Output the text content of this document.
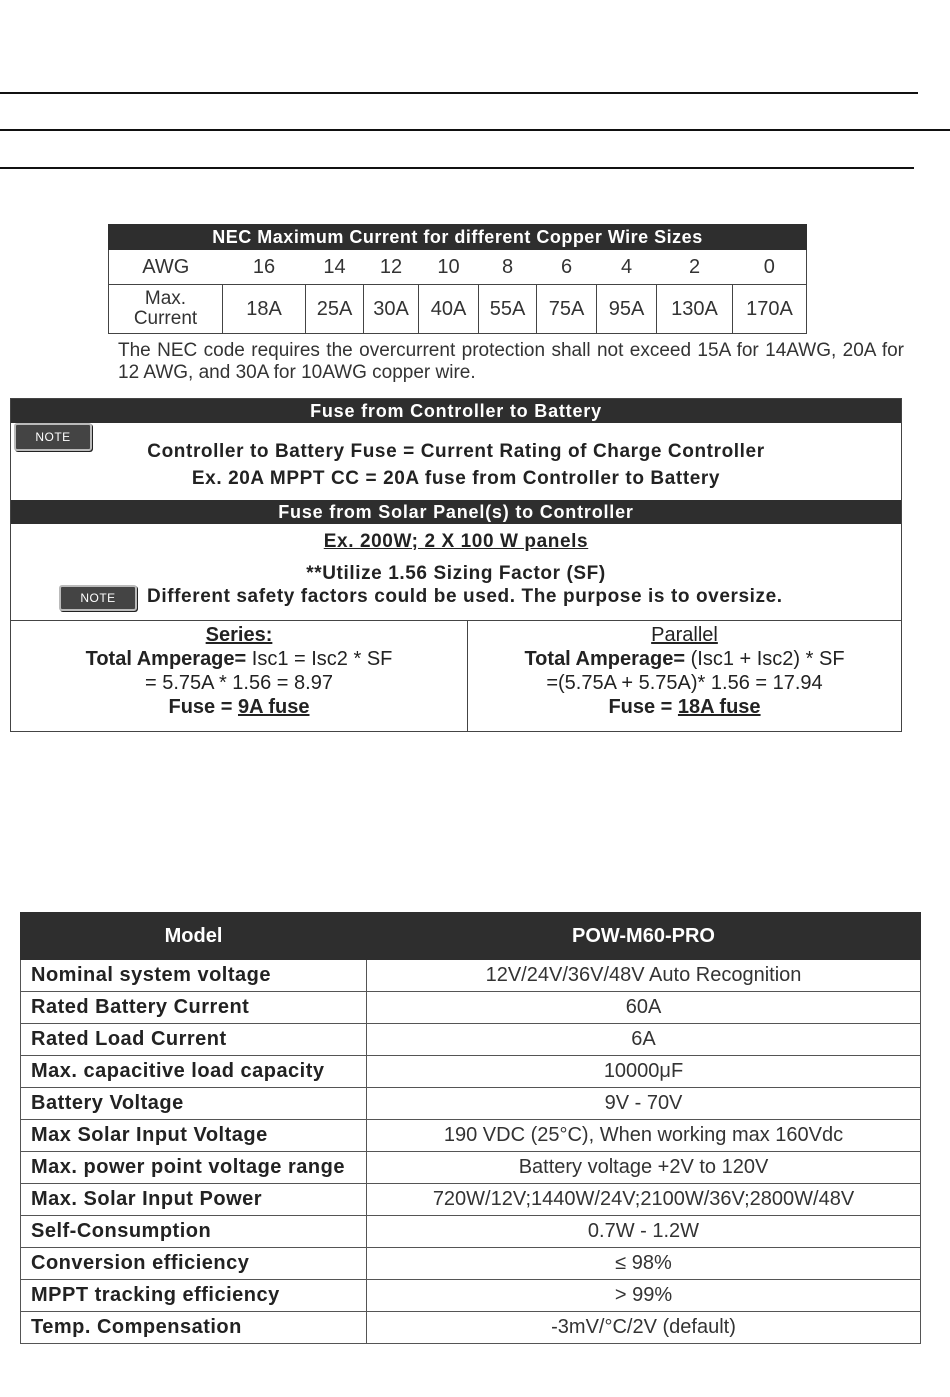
NEC Maximum Current for different Copper Wire Sizes									
AWG	16	14	12	10	8	6	4	2	0
Max.
Current	18A	25A	30A	40A	55A	75A	95A	130A	170A
The NEC code requires the overcurrent protection shall not exceed 15A for 14AWG, 20A for 12 AWG, and 30A for 10AWG copper wire.
Fuse from Controller to Battery
NOTE
Controller to Battery Fuse = Current Rating of Charge Controller
Ex. 20A MPPT CC = 20A fuse from Controller to Battery
Fuse from Solar Panel(s) to Controller
Ex. 200W; 2 X 100 W panels
**Utilize 1.56 Sizing Factor (SF)
NOTE	Different safety factors could be used. The purpose is to oversize.
Series:
Total Amperage= Isc1 = Isc2 * SF
= 5.75A * 1.56 = 8.97
Fuse = 9A fuse
Parallel
Total Amperage= (Isc1 + Isc2) * SF
=(5.75A + 5.75A)* 1.56 = 17.94
Fuse = 18A fuse
Model	POW-M60-PRO
Nominal system voltage	12V/24V/36V/48V Auto Recognition
Rated Battery Current	60A
Rated Load Current	6A
Max. capacitive load capacity	10000μF
Battery Voltage	9V - 70V
Max Solar Input Voltage	190 VDC (25°C), When working max 160Vdc
Max. power point voltage range	Battery voltage +2V to 120V
Max. Solar Input Power	720W/12V;1440W/24V;2100W/36V;2800W/48V
Self-Consumption	0.7W - 1.2W
Conversion efficiency	≤ 98%
MPPT tracking efficiency	> 99%
Temp. Compensation	-3mV/°C/2V (default)
